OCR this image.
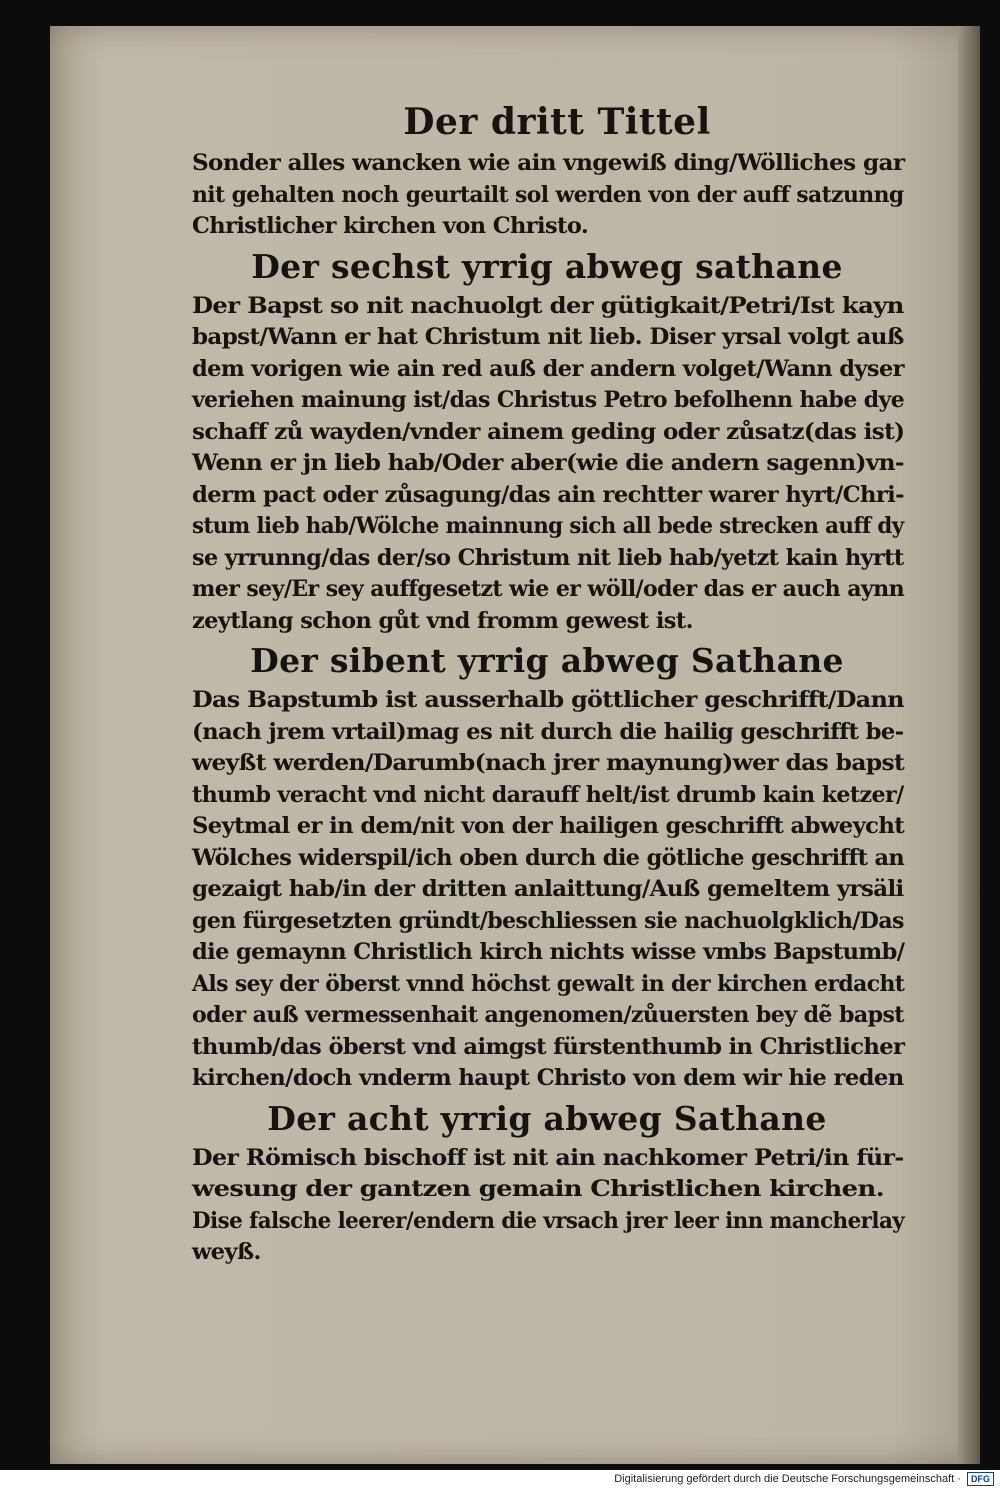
Der dritt Tittel
Sonder alles wancken wie ain vngewiß ding/Wölliches gar
nit gehalten noch geurtailt sol werden von der auff satzunng
Christlicher kirchen von Christo.
Der sechst yrrig abweg sathane
Der Bapst so nit nachuolgt der gütigkait/Petri/Ist kayn
bapst/Wann er hat Christum nit lieb. Diser yrsal volgt auß
dem vorigen wie ain red auß der andern volget/Wann dyser
veriehen mainung ist/das Christus Petro befolhenn habe dye
schaff zů wayden/vnder ainem geding oder zůsatz(das ist)
Wenn er jn lieb hab/Oder aber(wie die andern sagenn)vn-
derm pact oder zůsagung/das ain rechtter warer hyrt/Chri-
stum lieb hab/Wölche mainnung sich all bede strecken auff dy
se yrrunng/das der/so Christum nit lieb hab/yetzt kain hyrtt
mer sey/Er sey auffgesetzt wie er wöll/oder das er auch aynn
zeytlang schon gůt vnd fromm gewest ist.
Der sibent yrrig abweg Sathane
Das Bapstumb ist ausserhalb göttlicher geschrifft/Dann
(nach jrem vrtail)mag es nit durch die hailig geschrifft be-
weyßt werden/Darumb(nach jrer maynung)wer das bapst
thumb veracht vnd nicht darauff helt/ist drumb kain ketzer/
Seytmal er in dem/nit von der hailigen geschrifft abweycht
Wölches widerspil/ich oben durch die götliche geschrifft an
gezaigt hab/in der dritten anlaittung/Auß gemeltem yrsäli
gen fürgesetzten gründt/beschliessen sie nachuolgklich/Das
die gemaynn Christlich kirch nichts wisse vmbs Bapstumb/
Als sey der öberst vnnd höchst gewalt in der kirchen erdacht
oder auß vermessenhait angenomen/zůuersten bey dẽ bapst
thumb/das öberst vnd aimgst fürstenthumb in Christlicher
kirchen/doch vnderm haupt Christo von dem wir hie reden
Der acht yrrig abweg Sathane
Der Römisch bischoff ist nit ain nachkomer Petri/in für-
wesung der gantzen gemain Christlichen kirchen.
Dise falsche leerer/endern die vrsach jrer leer inn mancherlay
weyß.
Digitalisierung gefördert durch die Deutsche Forschungsgemeinschaft · DFG
